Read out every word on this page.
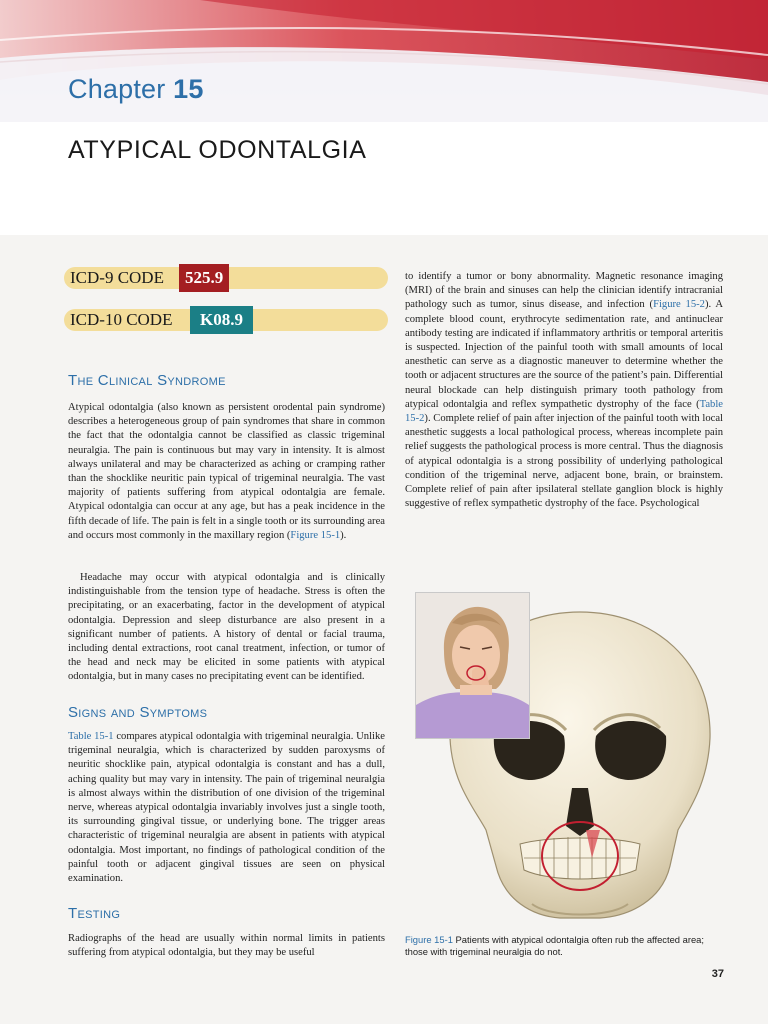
Chapter 15
ATYPICAL ODONTALGIA
ICD-9 CODE	525.9
ICD-10 CODE	K08.9
The Clinical Syndrome

Atypical odontalgia (also known as persistent orodental pain syndrome) describes a heterogeneous group of pain syndromes that share in common the fact that the odontalgia cannot be classified as classic trigeminal neuralgia. The pain is continuous but may vary in intensity. It is almost always unilateral and may be characterized as aching or cramping rather than the shocklike neuritic pain typical of trigeminal neuralgia. The vast majority of patients suffering from atypical odontalgia are female. Atypical odontalgia can occur at any age, but has a peak incidence in the fifth decade of life. The pain is felt in a single tooth or its surrounding area and occurs most commonly in the maxillary region (Figure 15-1).

Headache may occur with atypical odontalgia and is clinically indistinguishable from the tension type of headache. Stress is often the precipitating, or an exacerbating, factor in the development of atypical odontalgia. Depression and sleep disturbance are also present in a significant number of patients. A history of dental or facial trauma, including dental extractions, root canal treatment, infection, or tumor of the head and neck may be elicited in some patients with atypical odontalgia, but in many cases no precipitating event can be identified.

Signs and Symptoms

Table 15-1 compares atypical odontalgia with trigeminal neuralgia. Unlike trigeminal neuralgia, which is characterized by sudden paroxysms of neuritic shocklike pain, atypical odontalgia is constant and has a dull, aching quality but may vary in intensity. The pain of trigeminal neuralgia is almost always within the distribution of one division of the trigeminal nerve, whereas atypical odontalgia invariably involves just a single tooth, its surrounding gingival tissue, or underlying bone. The trigger areas characteristic of trigeminal neuralgia are absent in patients with atypical odontalgia. Most important, no findings of pathological condition of the painful tooth or adjacent gingival tissues are seen on physical examination.

Testing

Radiographs of the head are usually within normal limits in patients suffering from atypical odontalgia, but they may be useful

to identify a tumor or bony abnormality. Magnetic resonance imaging (MRI) of the brain and sinuses can help the clinician identify intracranial pathology such as tumor, sinus disease, and infection (Figure 15-2). A complete blood count, erythrocyte sedimentation rate, and antinuclear antibody testing are indicated if inflammatory arthritis or temporal arteritis is suspected. Injection of the painful tooth with small amounts of local anesthetic can serve as a diagnostic maneuver to determine whether the tooth or adjacent structures are the source of the patient’s pain. Differential neural blockade can help distinguish primary tooth pathology from atypical odontalgia and reflex sympathetic dystrophy of the face (Table 15-2). Complete relief of pain after injection of the painful tooth with local anesthetic suggests a local pathological process, whereas incomplete pain relief suggests the pathological process is more central. Thus the diagnosis of atypical odontalgia is a strong possibility of underlying pathological condition of the trigeminal nerve, adjacent bone, brain, or brainstem. Complete relief of pain after ipsilateral stellate ganglion block is highly suggestive of reflex sympathetic dystrophy of the face. Psychological

Figure 15-1 Patients with atypical odontalgia often rub the affected area; those with trigeminal neuralgia do not.

37
